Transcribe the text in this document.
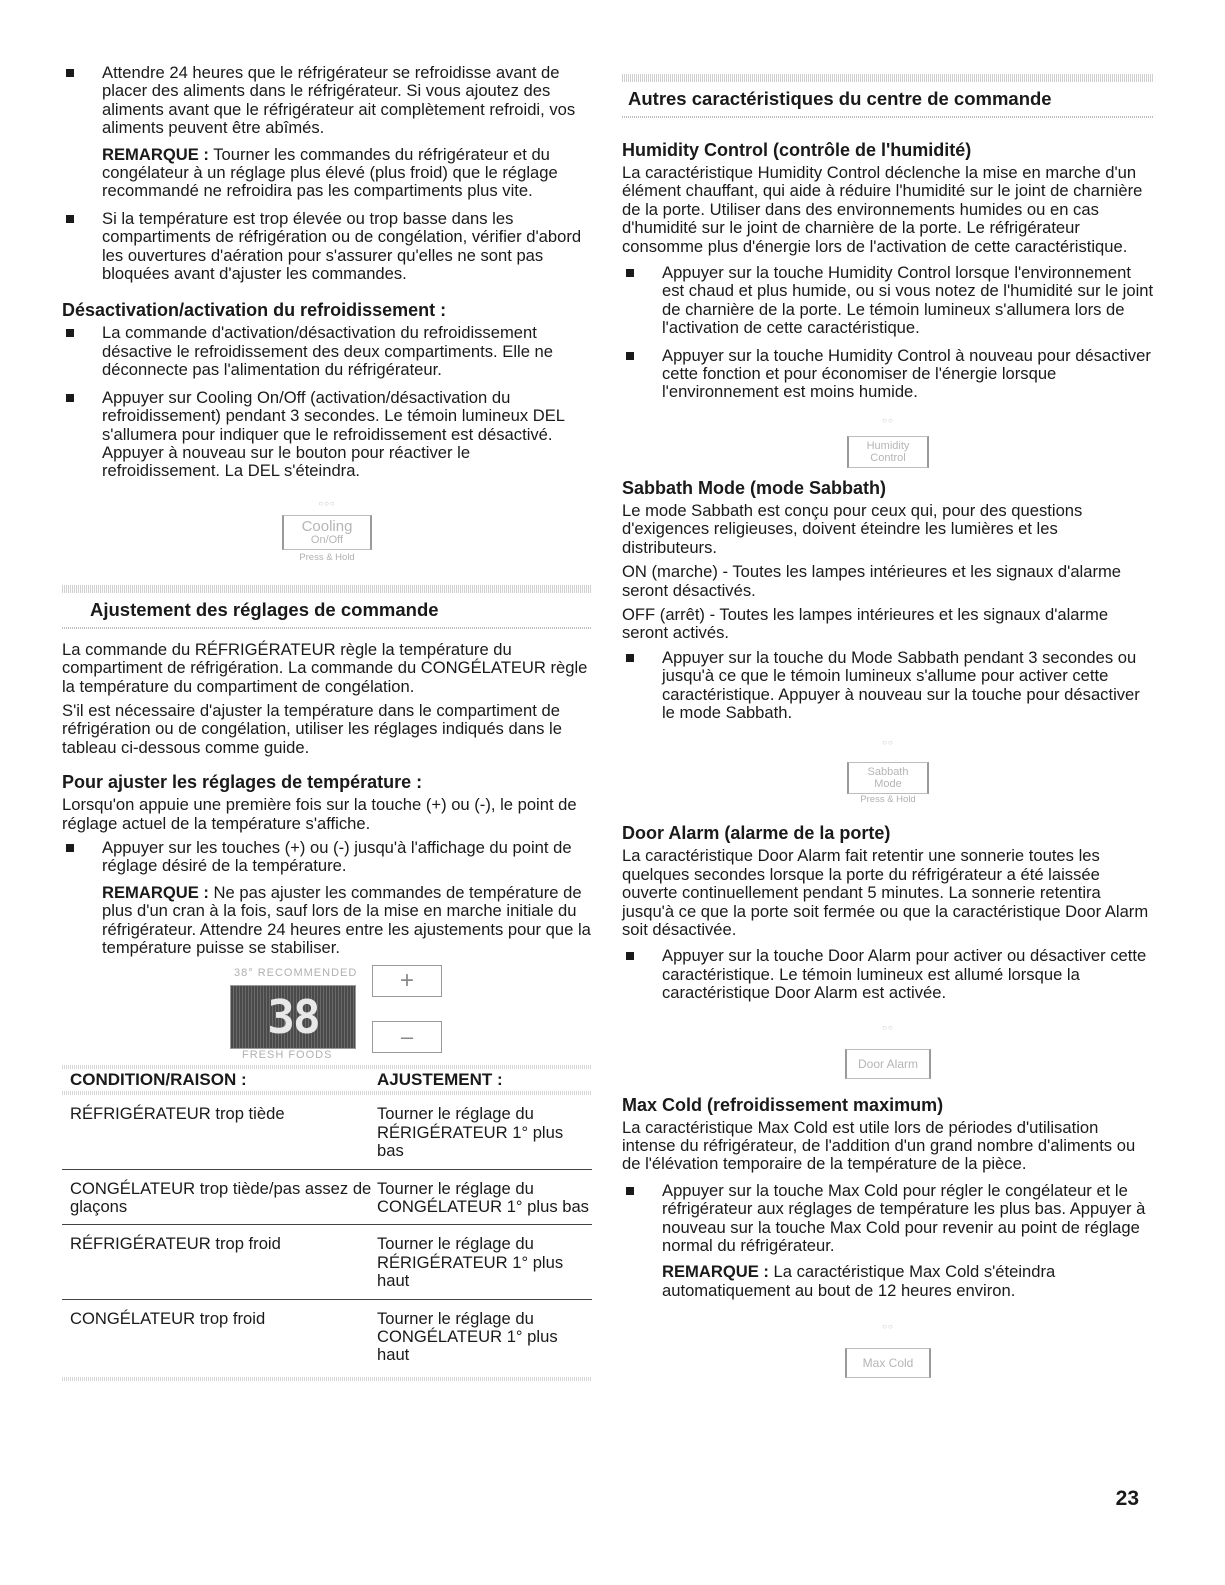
Attendre 24 heures que le réfrigérateur se refroidisse avant de placer des aliments dans le réfrigérateur. Si vous ajoutez des aliments avant que le réfrigérateur ait complètement refroidi, vos aliments peuvent être abîmés.

REMARQUE : Tourner les commandes du réfrigérateur et du congélateur à un réglage plus élevé (plus froid) que le réglage recommandé ne refroidira pas les compartiments plus vite.

Si la température est trop élevée ou trop basse dans les compartiments de réfrigération ou de congélation, vérifier d'abord les ouvertures d'aération pour s'assurer qu'elles ne sont pas bloquées avant d'ajuster les commandes.

Désactivation/activation du refroidissement :

La commande d'activation/désactivation du refroidissement désactive le refroidissement des deux compartiments. Elle ne déconnecte pas l'alimentation du réfrigérateur.

Appuyer sur Cooling On/Off (activation/désactivation du refroidissement) pendant 3 secondes. Le témoin lumineux DEL s'allumera pour indiquer que le refroidissement est désactivé. Appuyer à nouveau sur le bouton pour réactiver le refroidissement. La DEL s'éteindra.

○○○
Cooling
On/Off
Press & Hold
Ajustement des réglages de commande

La commande du RÉFRIGÉRATEUR règle la température du compartiment de réfrigération. La commande du CONGÉLATEUR règle la température du compartiment de congélation.

S'il est nécessaire d'ajuster la température dans le compartiment de réfrigération ou de congélation, utiliser les réglages indiqués dans le tableau ci-dessous comme guide.

Pour ajuster les réglages de température :

Lorsqu'on appuie une première fois sur la touche (+) ou (-), le point de réglage actuel de la température s'affiche.

Appuyer sur les touches (+) ou (-) jusqu'à l'affichage du point de réglage désiré de la température.

REMARQUE : Ne pas ajuster les commandes de température de plus d'un cran à la fois, sauf lors de la mise en marche initiale du réfrigérateur. Attendre 24 heures entre les ajustements pour que la température puisse se stabiliser.

38° RECOMMENDED
38
FRESH FOODS
+
–
CONDITION/RAISON :	AJUSTEMENT :

RÉFRIGÉRATEUR trop tiède	Tourner le réglage du RÉRIGÉRATEUR 1° plus bas
CONGÉLATEUR trop tiède/pas assez de glaçons	Tourner le réglage du CONGÉLATEUR 1° plus bas
RÉFRIGÉRATEUR trop froid	Tourner le réglage du RÉRIGÉRATEUR 1° plus haut
CONGÉLATEUR trop froid	Tourner le réglage du CONGÉLATEUR 1° plus haut
Autres caractéristiques du centre de commande
Humidity Control (contrôle de l'humidité)

La caractéristique Humidity Control déclenche la mise en marche d'un élément chauffant, qui aide à réduire l'humidité sur le joint de charnière de la porte. Utiliser dans des environnements humides ou en cas d'humidité sur le joint de charnière de la porte. Le réfrigérateur consomme plus d'énergie lors de l'activation de cette caractéristique.

Appuyer sur la touche Humidity Control lorsque l'environnement est chaud et plus humide, ou si vous notez de l'humidité sur le joint de charnière de la porte. Le témoin lumineux s'allumera lors de l'activation de cette caractéristique.

Appuyer sur la touche Humidity Control à nouveau pour désactiver cette fonction et pour économiser de l'énergie lorsque l'environnement est moins humide.

○○
Humidity
Control
Sabbath Mode (mode Sabbath)

Le mode Sabbath est conçu pour ceux qui, pour des questions d'exigences religieuses, doivent éteindre les lumières et les distributeurs.

ON (marche) - Toutes les lampes intérieures et les signaux d'alarme seront désactivés.

OFF (arrêt) - Toutes les lampes intérieures et les signaux d'alarme seront activés.

Appuyer sur la touche du Mode Sabbath pendant 3 secondes ou jusqu'à ce que le témoin lumineux s'allume pour activer cette caractéristique. Appuyer à nouveau sur la touche pour désactiver le mode Sabbath.

○○
Sabbath
Mode
Press & Hold
Door Alarm (alarme de la porte)

La caractéristique Door Alarm fait retentir une sonnerie toutes les quelques secondes lorsque la porte du réfrigérateur a été laissée ouverte continuellement pendant 5 minutes. La sonnerie retentira jusqu'à ce que la porte soit fermée ou que la caractéristique Door Alarm soit désactivée.

Appuyer sur la touche Door Alarm pour activer ou désactiver cette caractéristique. Le témoin lumineux est allumé lorsque la caractéristique Door Alarm est activée.

○○
Door Alarm
Max Cold (refroidissement maximum)

La caractéristique Max Cold est utile lors de périodes d'utilisation intense du réfrigérateur, de l'addition d'un grand nombre d'aliments ou de l'élévation temporaire de la température de la pièce.

Appuyer sur la touche Max Cold pour régler le congélateur et le réfrigérateur aux réglages de température les plus bas. Appuyer à nouveau sur la touche Max Cold pour revenir au point de réglage normal du réfrigérateur.

REMARQUE : La caractéristique Max Cold s'éteindra automatiquement au bout de 12 heures environ.

○○
Max Cold
23
